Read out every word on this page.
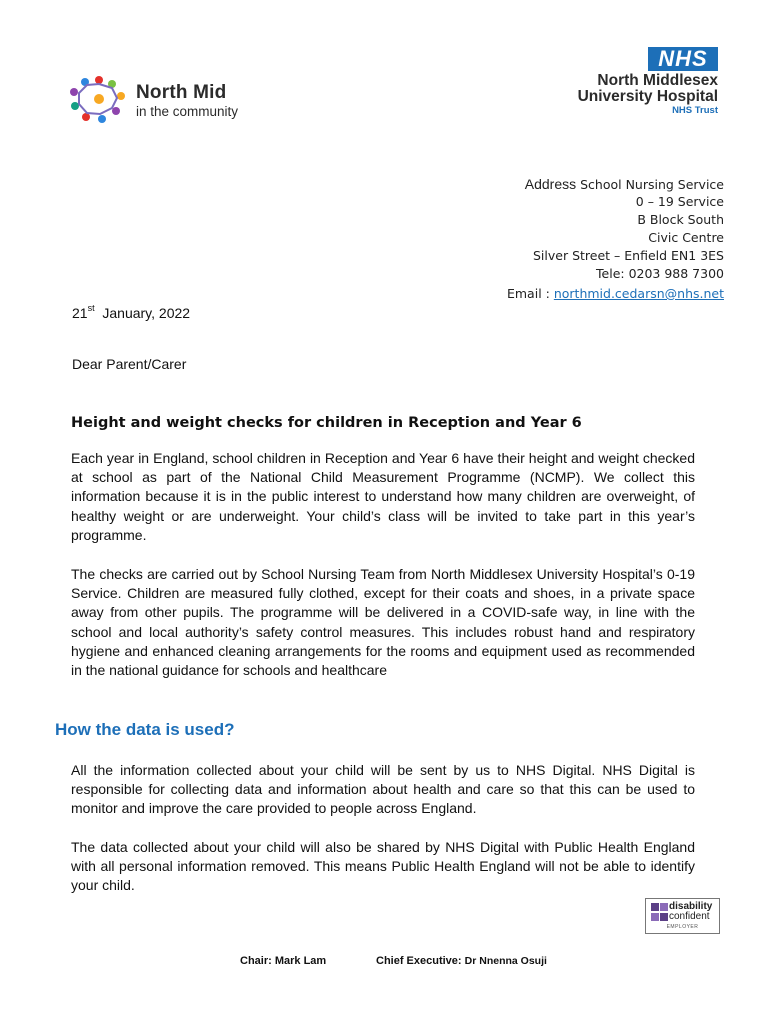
North Mid
in the community
NHS
North Middlesex
University Hospital
NHS Trust
Address School Nursing Service
0 – 19 Service
B Block South
Civic Centre
Silver Street – Enfield EN1 3ES
Tele: 0203 988 7300
Email : northmid.cedarsn@nhs.net
21st January, 2022
Dear Parent/Carer
Height and weight checks for children in Reception and Year 6
Each year in England, school children in Reception and Year 6 have their height and weight checked at school as part of the National Child Measurement Programme (NCMP). We collect this information because it is in the public interest to understand how many children are overweight, of healthy weight or are underweight. Your child’s class will be invited to take part in this year’s programme.
The checks are carried out by School Nursing Team from North Middlesex University Hospital’s 0-19 Service. Children are measured fully clothed, except for their coats and shoes, in a private space away from other pupils. The programme will be delivered in a COVID-safe way, in line with the school and local authority’s safety control measures. This includes robust hand and respiratory hygiene and enhanced cleaning arrangements for the rooms and equipment used as recommended in the national guidance for schools and healthcare
How the data is used?
All the information collected about your child will be sent by us to NHS Digital. NHS Digital is responsible for collecting data and information about health and care so that this can be used to monitor and improve the care provided to people across England.
The data collected about your child will also be shared by NHS Digital with Public Health England with all personal information removed. This means Public Health England will not be able to identify your child.
disability
confident
EMPLOYER
Chair: Mark Lam	Chief Executive: Dr Nnenna Osuji
